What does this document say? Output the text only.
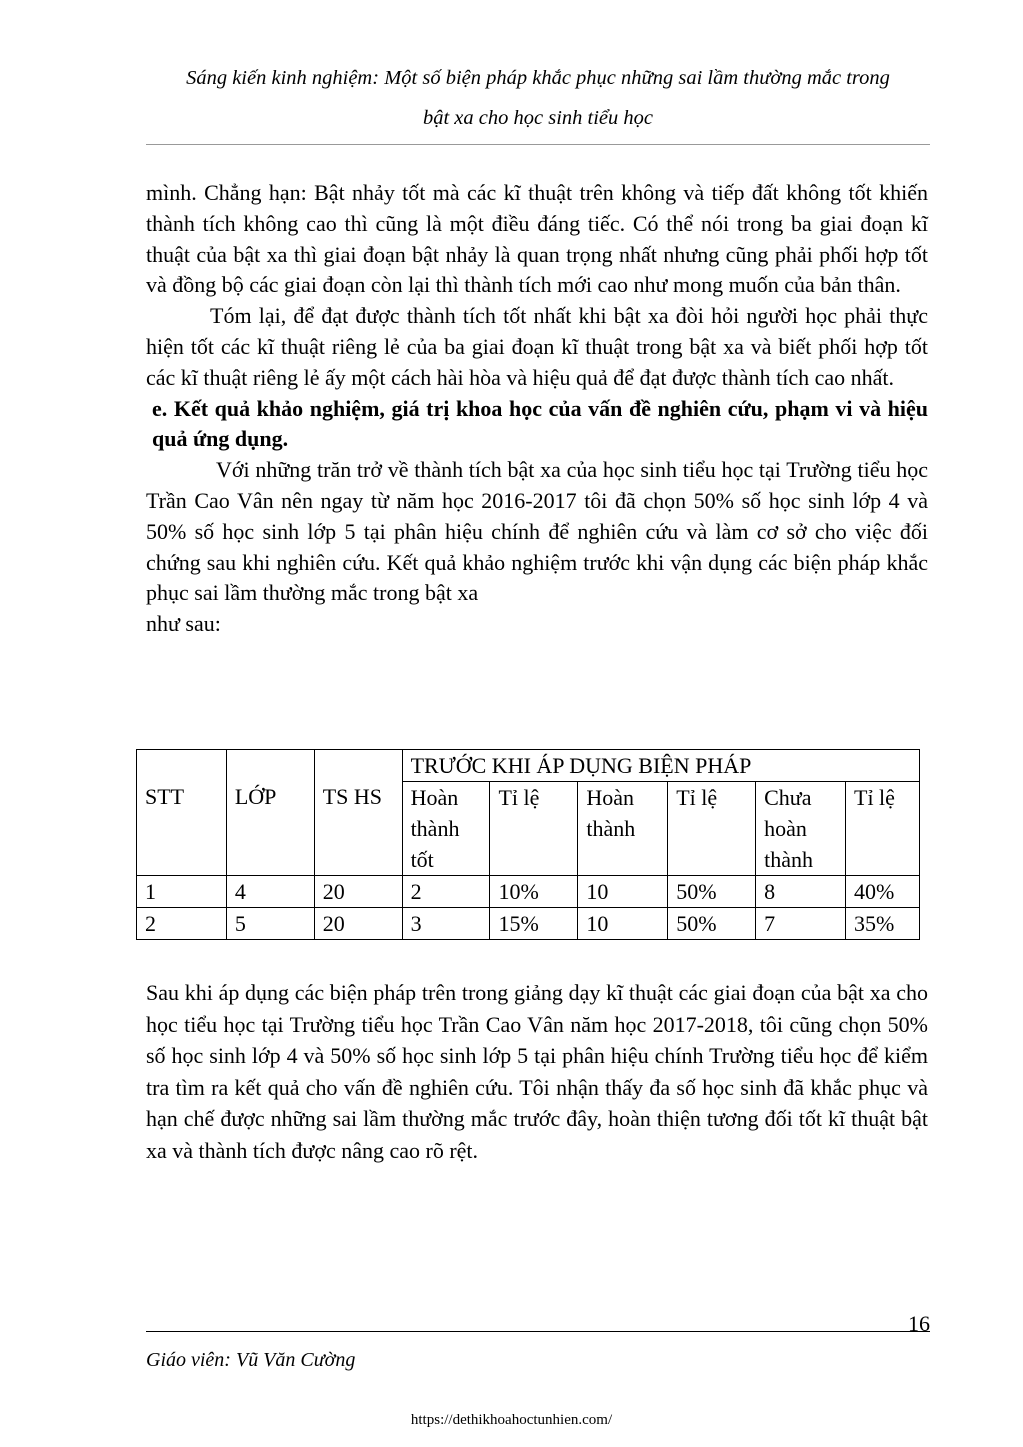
Sáng kiến kinh nghiệm: Một số biện pháp khắc phục những sai lầm thường mắc trong
bật xa cho học sinh tiểu học

mình. Chẳng hạn: Bật nhảy tốt mà các kĩ thuật trên không và tiếp đất không tốt khiến thành tích không cao thì cũng là một điều đáng tiếc. Có thể nói trong ba giai đoạn kĩ thuật của bật xa thì giai đoạn bật nhảy là quan trọng nhất nhưng cũng phải phối hợp tốt và đồng bộ các giai đoạn còn lại thì thành tích mới cao như mong muốn của bản thân.

Tóm lại, để đạt được thành tích tốt nhất khi bật xa đòi hỏi người học phải thực hiện tốt các kĩ thuật riêng lẻ của ba giai đoạn kĩ thuật trong bật xa và biết phối hợp tốt các kĩ thuật riêng lẻ ấy một cách hài hòa và hiệu quả để đạt được thành tích cao nhất.

e. Kết quả khảo nghiệm, giá trị khoa học của vấn đề nghiên cứu, phạm vi và hiệu quả ứng dụng.

Với những trăn trở về thành tích bật xa của học sinh tiểu học tại Trường tiểu học Trần Cao Vân nên ngay từ năm học 2016-2017 tôi đã chọn 50% số học sinh lớp 4 và 50% số học sinh lớp 5 tại phân hiệu chính để nghiên cứu và làm cơ sở cho việc đối chứng sau khi nghiên cứu. Kết quả khảo nghiệm trước khi vận dụng các biện pháp khắc phục sai lầm thường mắc trong bật xa

như sau:

STT	LỚP	TS HS	TRƯỚC KHI ÁP DỤNG BIỆN PHÁP					
			Hoàn thành tốt	Tỉ lệ	Hoàn thành	Tỉ lệ	Chưa hoàn thành	Tỉ lệ
1	4	20	2	10%	10	50%	8	40%
2	5	20	3	15%	10	50%	7	35%

Sau khi áp dụng các biện pháp trên trong giảng dạy kĩ thuật các giai đoạn của bật xa cho học tiểu học tại Trường tiểu học Trần Cao Vân năm học 2017-2018, tôi cũng chọn 50% số học sinh lớp 4 và 50% số học sinh lớp 5 tại phân hiệu chính Trường tiểu học để kiểm tra tìm ra kết quả cho vấn đề nghiên cứu. Tôi nhận thấy đa số học sinh đã khắc phục và hạn chế được những sai lầm thường mắc trước đây, hoàn thiện tương đối tốt kĩ thuật bật xa và thành tích được nâng cao rõ rệt.

16
Giáo viên: Vũ Văn Cường
https://dethikhoahoctunhien.com/
